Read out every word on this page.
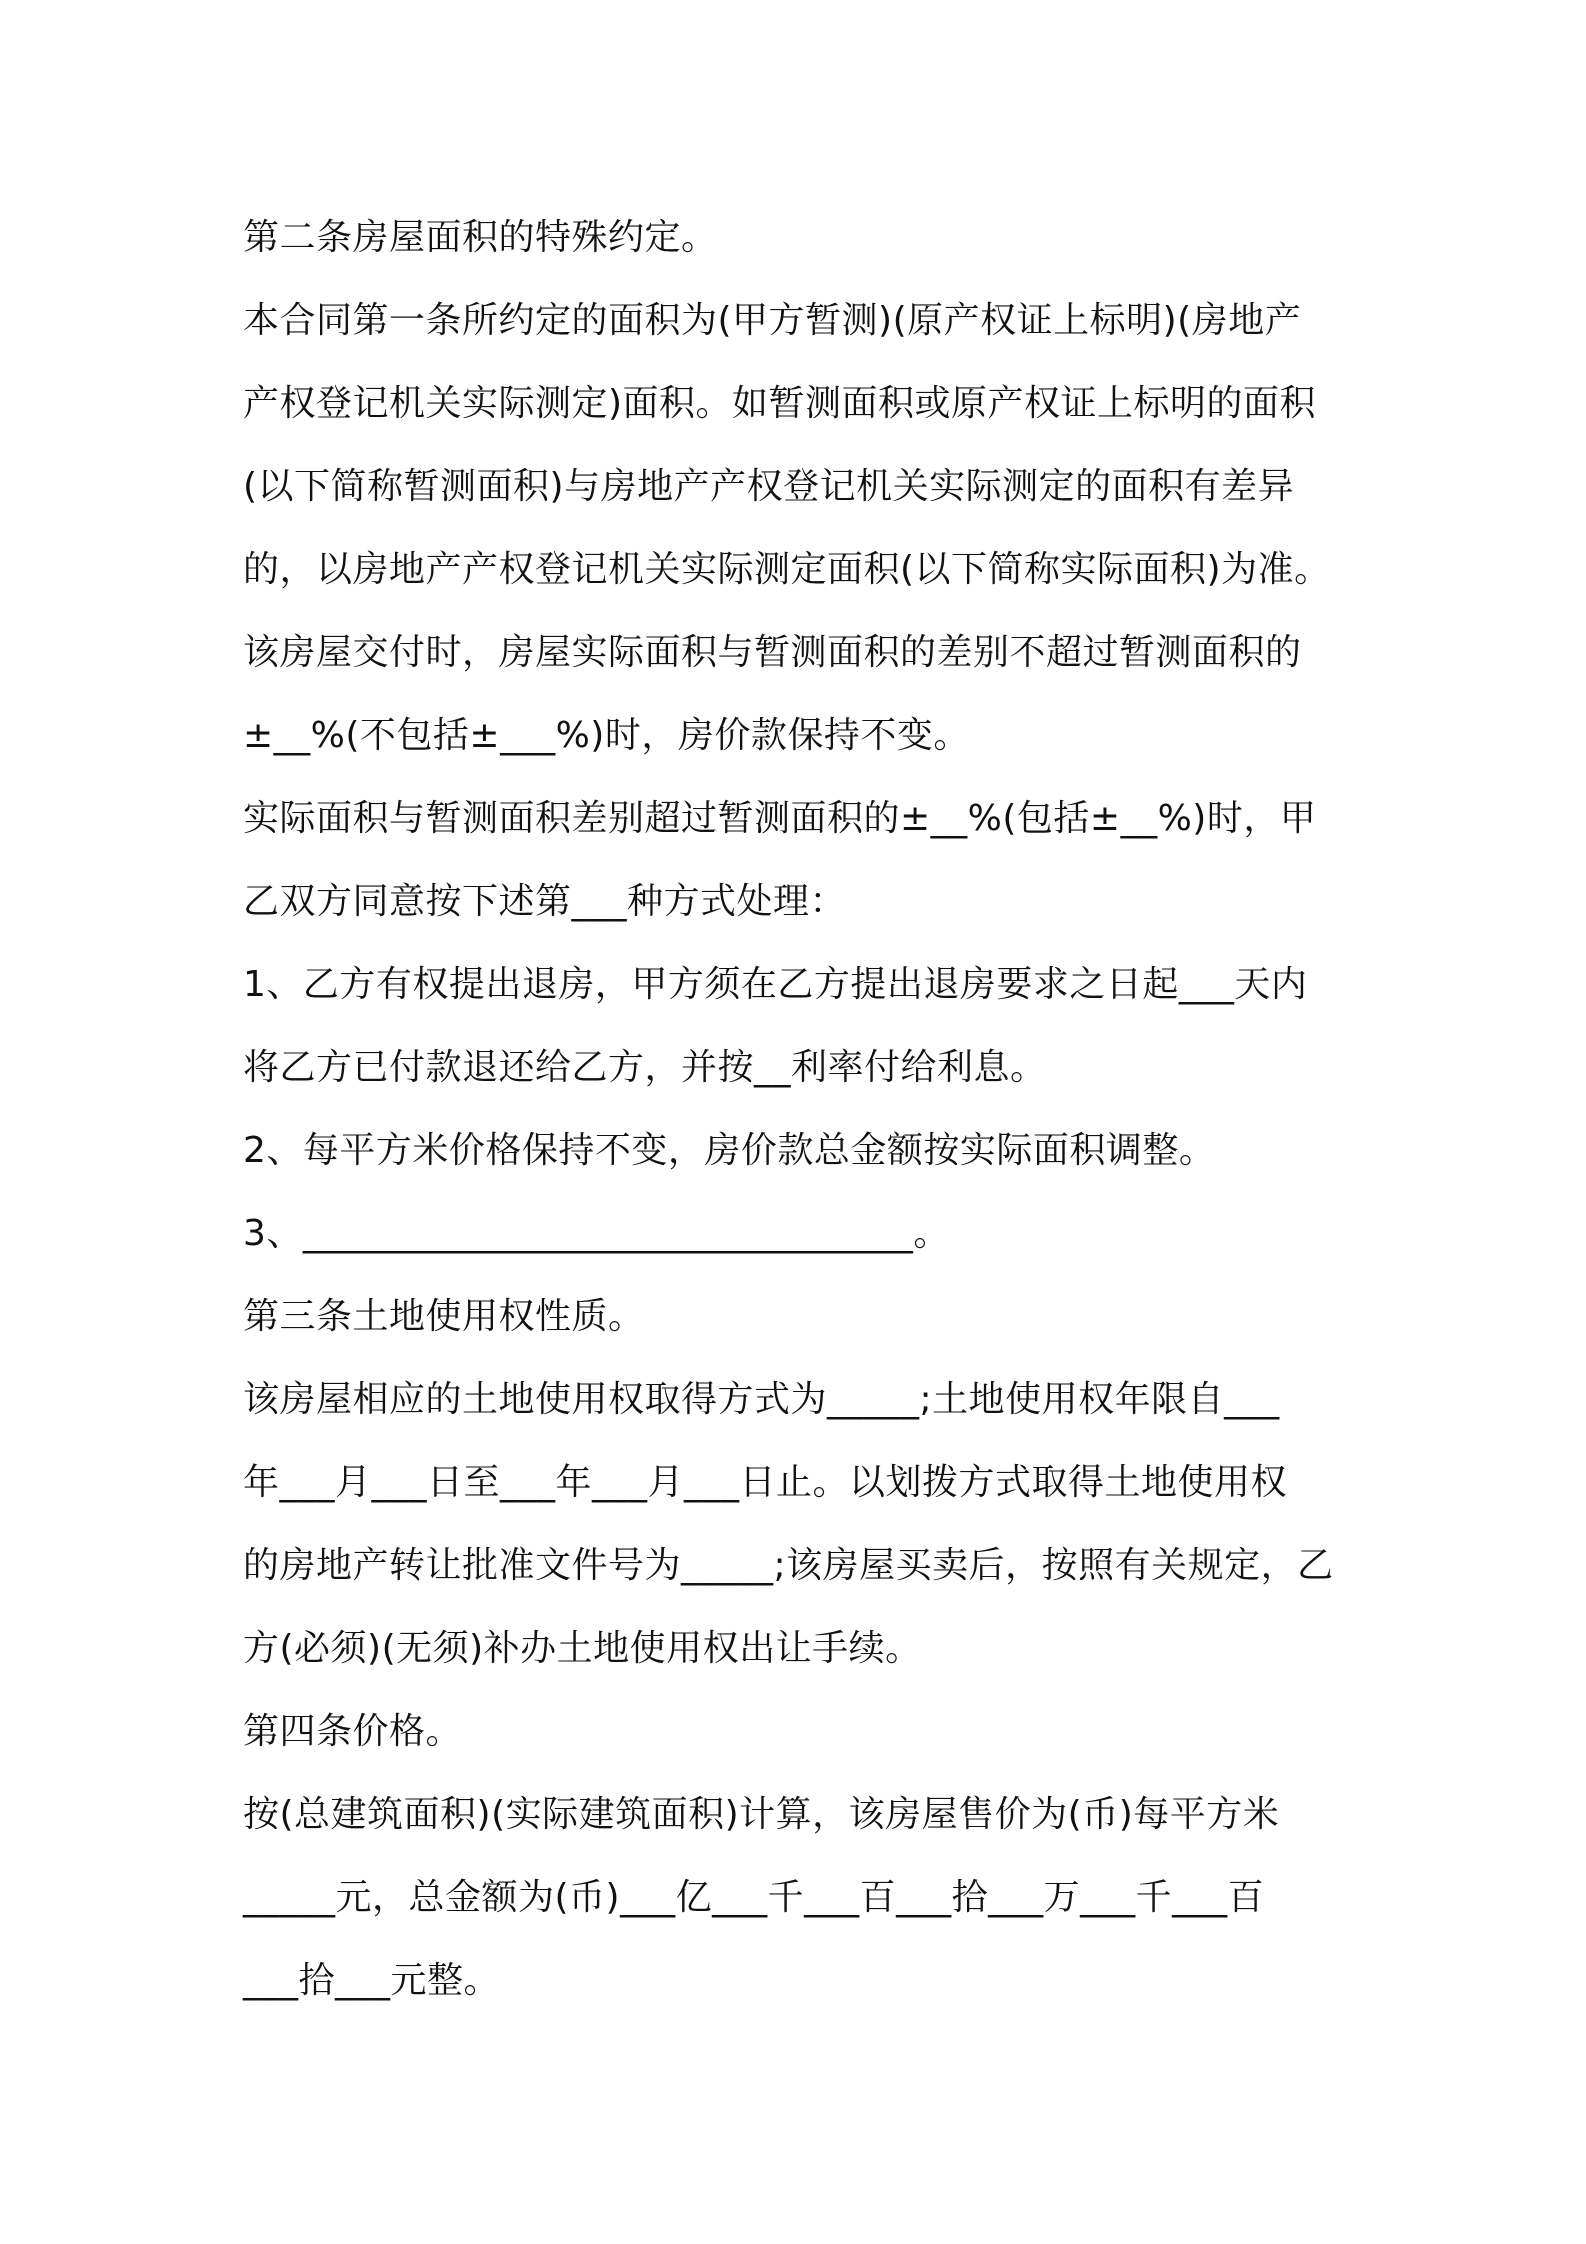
第二条房屋面积的特殊约定。
本合同第一条所约定的面积为(甲方暂测)(原产权证上标明)(房地产
产权登记机关实际测定)面积。如暂测面积或原产权证上标明的面积
(以下简称暂测面积)与房地产产权登记机关实际测定的面积有差异
的，以房地产产权登记机关实际测定面积(以下简称实际面积)为准。
该房屋交付时，房屋实际面积与暂测面积的差别不超过暂测面积的
±__%(不包括±___%)时，房价款保持不变。
实际面积与暂测面积差别超过暂测面积的±__%(包括±__%)时，甲
乙双方同意按下述第___种方式处理：
1、乙方有权提出退房，甲方须在乙方提出退房要求之日起___天内
将乙方已付款退还给乙方，并按__利率付给利息。
2、每平方米价格保持不变，房价款总金额按实际面积调整。
3、_________________________________。
第三条土地使用权性质。
该房屋相应的土地使用权取得方式为_____;土地使用权年限自___
年___月___日至___年___月___日止。以划拨方式取得土地使用权
的房地产转让批准文件号为_____;该房屋买卖后，按照有关规定，乙
方(必须)(无须)补办土地使用权出让手续。
第四条价格。
按(总建筑面积)(实际建筑面积)计算，该房屋售价为(币)每平方米
_____元，总金额为(币)___亿___千___百___拾___万___千___百
___拾___元整。
